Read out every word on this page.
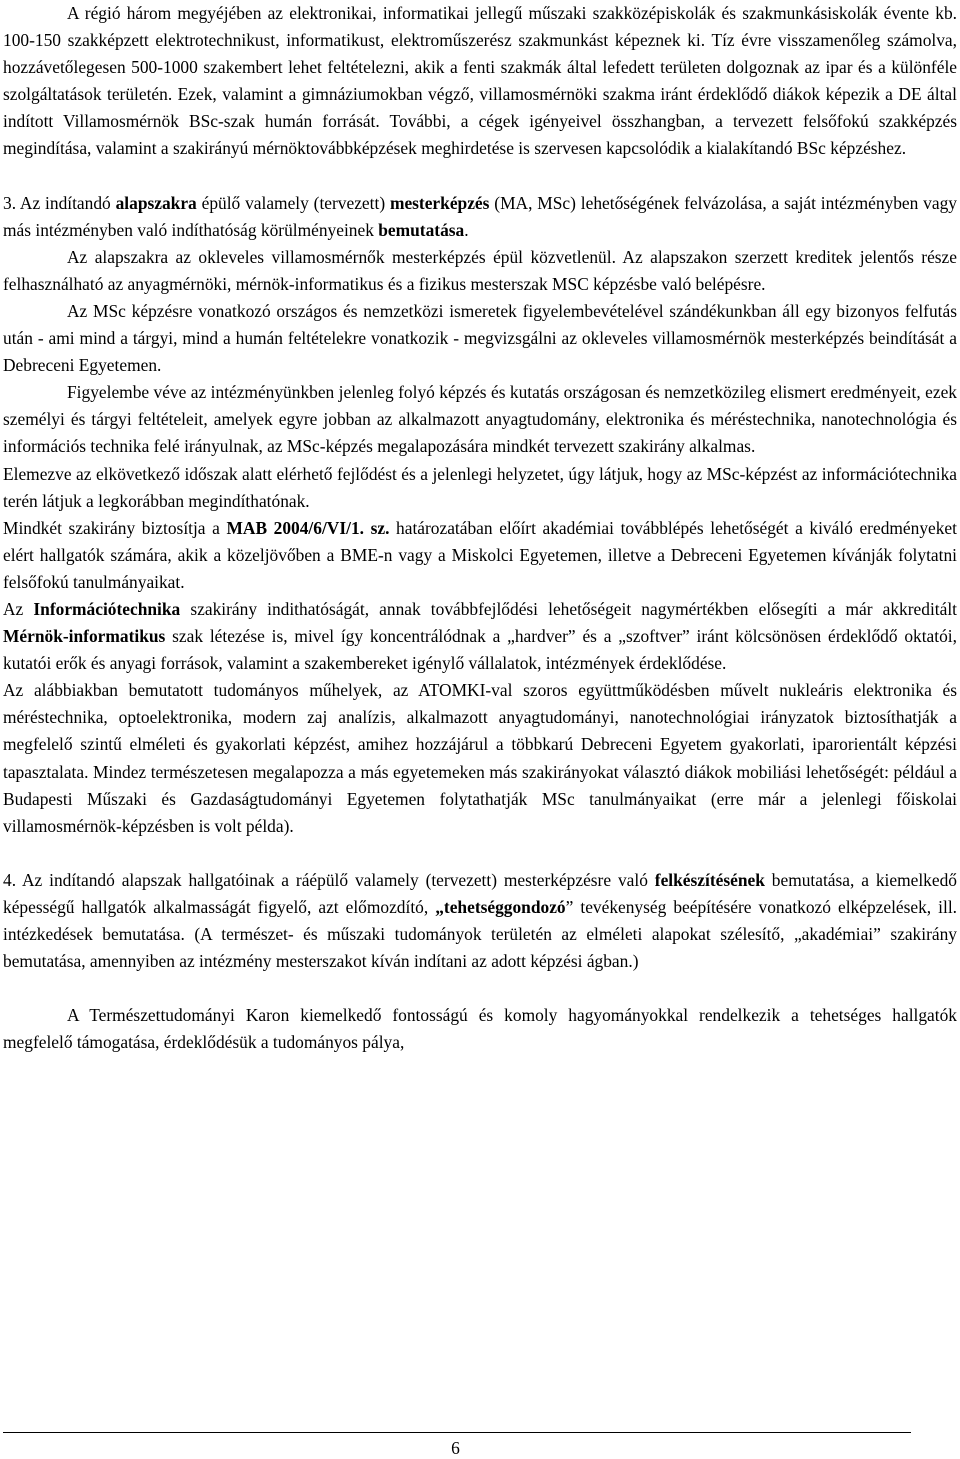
A régió három megyéjében az elektronikai, informatikai jellegű műszaki szakközépiskolák és szakmunkásiskolák évente kb. 100-150 szakképzett elektrotechnikust, informatikust, elektroműszerész szakmunkást képeznek ki. Tíz évre visszamenőleg számolva, hozzávetőlegesen 500-1000 szakembert lehet feltételezni, akik a fenti szakmák által lefedett területen dolgoznak az ipar és a különféle szolgáltatások területén. Ezek, valamint a gimnáziumokban végző, villamosmérnöki szakma iránt érdeklődő diákok képezik a DE által indított Villamosmérnök BSc-szak humán forrását. További, a cégek igényeivel összhangban, a tervezett felsőfokú szakképzés megindítása, valamint a szakirányú mérnöktovábbképzések meghirdetése is szervesen kapcsolódik a kialakítandó BSc képzéshez.

3. Az indítandó alapszakra épülő valamely (tervezett) mesterképzés (MA, MSc) lehetőségének felvázolása, a saját intézményben vagy más intézményben való indíthatóság körülményeinek bemutatása.

Az alapszakra az okleveles villamosmérnők mesterképzés épül közvetlenül. Az alapszakon szerzett kreditek jelentős része felhasználható az anyagmérnöki, mérnök-informatikus és a fizikus mesterszak MSC képzésbe való belépésre.

Az MSc képzésre vonatkozó országos és nemzetközi ismeretek figyelembevételével szándékunkban áll egy bizonyos felfutás után - ami mind a tárgyi, mind a humán feltételekre vonatkozik - megvizsgálni az okleveles villamosmérnök mesterképzés beindítását a Debreceni Egyetemen.

Figyelembe véve az intézményünkben jelenleg folyó képzés és kutatás országosan és nemzetközileg elismert eredményeit, ezek személyi és tárgyi feltételeit, amelyek egyre jobban az alkalmazott anyagtudomány, elektronika és méréstechnika, nanotechnológia és információs technika felé irányulnak, az MSc-képzés megalapozására mindkét tervezett szakirány alkalmas.

Elemezve az elkövetkező időszak alatt elérhető fejlődést és a jelenlegi helyzetet, úgy látjuk, hogy az MSc-képzést az információtechnika terén látjuk a legkorábban megindíthatónak.

Mindkét szakirány biztosítja a MAB 2004/6/VI/1. sz. határozatában előírt akadémiai továbblépés lehetőségét a kiváló eredményeket elért hallgatók számára, akik a közeljövőben a BME-n vagy a Miskolci Egyetemen, illetve a Debreceni Egyetemen kívánják folytatni felsőfokú tanulmányaikat.

Az Információtechnika szakirány indithatóságát, annak továbbfejlődési lehetőségeit nagymértékben elősegíti a már akkreditált Mérnök-informatikus szak létezése is, mivel így koncentrálódnak a „hardver” és a „szoftver” iránt kölcsönösen érdeklődő oktatói, kutatói erők és anyagi források, valamint a szakembereket igénylő vállalatok, intézmények érdeklődése.

Az alábbiakban bemutatott tudományos műhelyek, az ATOMKI-val szoros együttműködésben művelt nukleáris elektronika és méréstechnika, optoelektronika, modern zaj analízis, alkalmazott anyagtudományi, nanotechnológiai irányzatok biztosíthatják a megfelelő szintű elméleti és gyakorlati képzést, amihez hozzájárul a többkarú Debreceni Egyetem gyakorlati, iparorientált képzési tapasztalata. Mindez természetesen megalapozza a más egyetemeken más szakirányokat választó diákok mobiliási lehetőségét: például a Budapesti Műszaki és Gazdaságtudományi Egyetemen folytathatják MSc tanulmányaikat (erre már a jelenlegi főiskolai villamosmérnök-képzésben is volt példa).

4. Az indítandó alapszak hallgatóinak a ráépülő valamely (tervezett) mesterképzésre való felkészítésének bemutatása, a kiemelkedő képességű hallgatók alkalmasságát figyelő, azt előmozdító, „tehetséggondozó” tevékenység beépítésére vonatkozó elképzelések, ill. intézkedések bemutatása. (A természet- és műszaki tudományok területén az elméleti alapokat szélesítő, „akadémiai” szakirány bemutatása, amennyiben az intézmény mesterszakot kíván indítani az adott képzési ágban.)

A Természettudományi Karon kiemelkedő fontosságú és komoly hagyományokkal rendelkezik a tehetséges hallgatók megfelelő támogatása, érdeklődésük a tudományos pálya,

6
